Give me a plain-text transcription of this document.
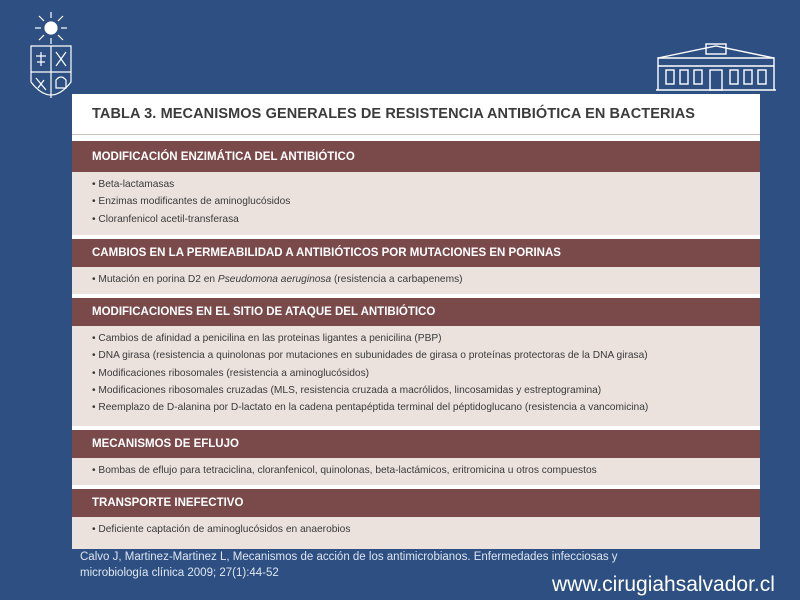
TABLA 3. MECANISMOS GENERALES DE RESISTENCIA ANTIBIÓTICA EN BACTERIAS
MODIFICACIÓN ENZIMÁTICA DEL ANTIBIÓTICO
• Beta-lactamasas
• Enzimas modificantes de aminoglucósidos
• Cloranfenicol acetil-transferasa
CAMBIOS EN LA PERMEABILIDAD A ANTIBIÓTICOS POR MUTACIONES EN PORINAS
• Mutación en porina D2 en Pseudomona aeruginosa (resistencia a carbapenems)
MODIFICACIONES EN EL SITIO DE ATAQUE DEL ANTIBIÓTICO
• Cambios de afinidad a penicilina en las proteinas ligantes a penicilina (PBP)
• DNA girasa (resistencia a quinolonas por mutaciones en subunidades de girasa o proteínas protectoras de la DNA girasa)
• Modificaciones ribosomales (resistencia a aminoglucósidos)
• Modificaciones ribosomales cruzadas (MLS, resistencia cruzada a macrólidos, lincosamidas y estreptogramina)
• Reemplazo de D-alanina por D-lactato en la cadena pentapéptida terminal del péptidoglucano (resistencia a vancomicina)
MECANISMOS DE EFLUJO
• Bombas de eflujo para tetraciclina, cloranfenicol, quinolonas, beta-lactámicos, eritromicina u otros compuestos
TRANSPORTE INEFECTIVO
• Deficiente captación de aminoglucósidos en anaerobios
Calvo J, Martinez-Martinez L, Mecanismos de acción de los antimicrobianos. Enfermedades infecciosas y
microbiología clínica 2009; 27(1):44-52	www.cirugiahsalvador.cl
